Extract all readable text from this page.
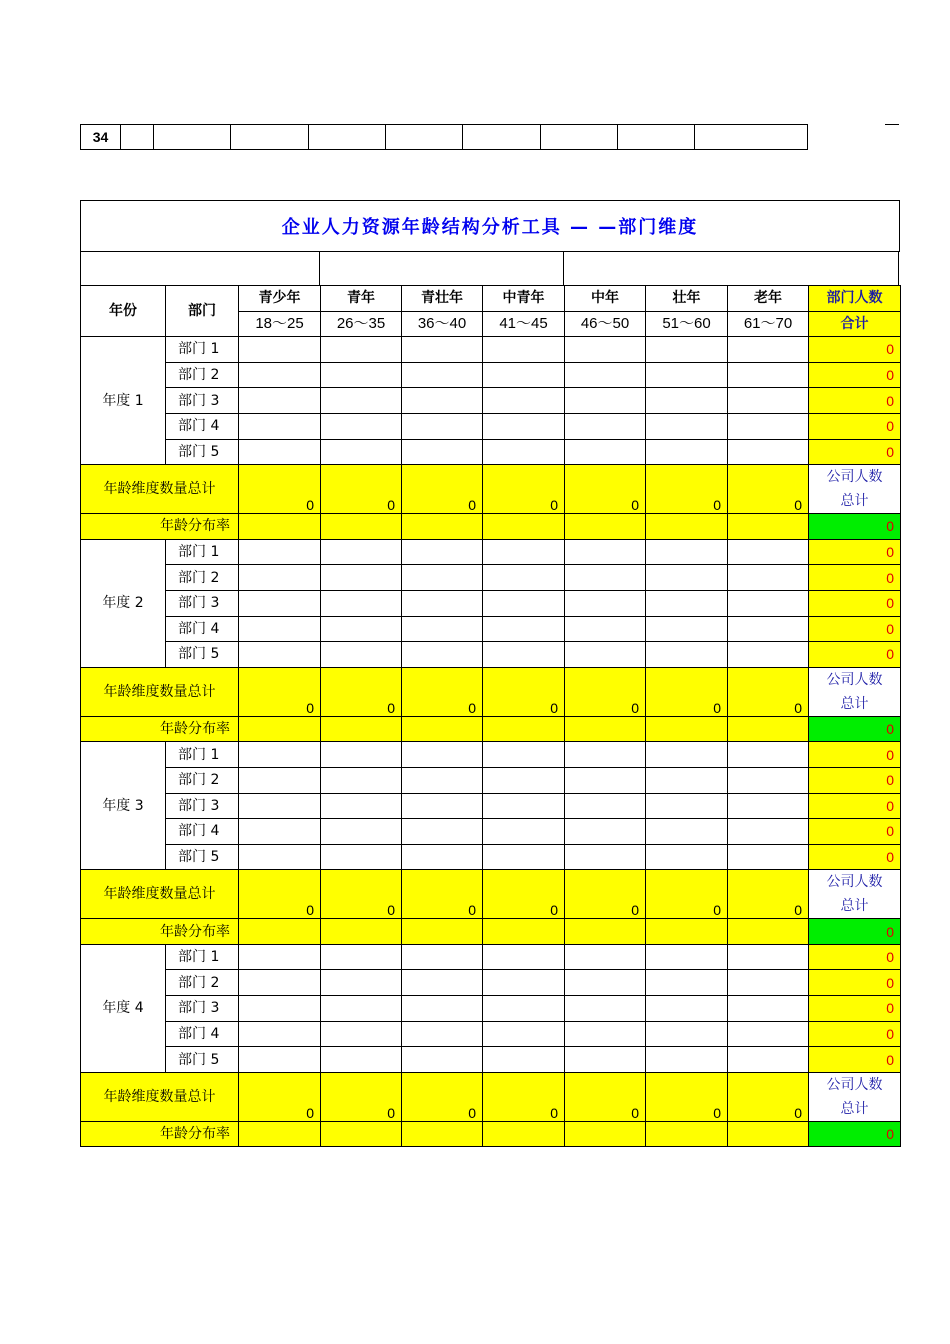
34									
企业人力资源年龄结构分析工具 — —部门维度
年份	部门	青少年	青年	青壮年	中青年	中年	壮年	老年	部门人数
		18～25	26～35	36～40	41～45	46～50	51～60	61～70	合计
年度 1	部门 1								0
	部门 2								0
	部门 3								0
	部门 4								0
	部门 5								0
年龄维度数量总计		0	0	0	0	0	0	0	公司人数
总计
年龄分布率									0
年度 2	部门 1								0
	部门 2								0
	部门 3								0
	部门 4								0
	部门 5								0
年龄维度数量总计		0	0	0	0	0	0	0	公司人数
总计
年龄分布率									0
年度 3	部门 1								0
	部门 2								0
	部门 3								0
	部门 4								0
	部门 5								0
年龄维度数量总计		0	0	0	0	0	0	0	公司人数
总计
年龄分布率									0
年度 4	部门 1								0
	部门 2								0
	部门 3								0
	部门 4								0
	部门 5								0
年龄维度数量总计		0	0	0	0	0	0	0	公司人数
总计
年龄分布率									0
